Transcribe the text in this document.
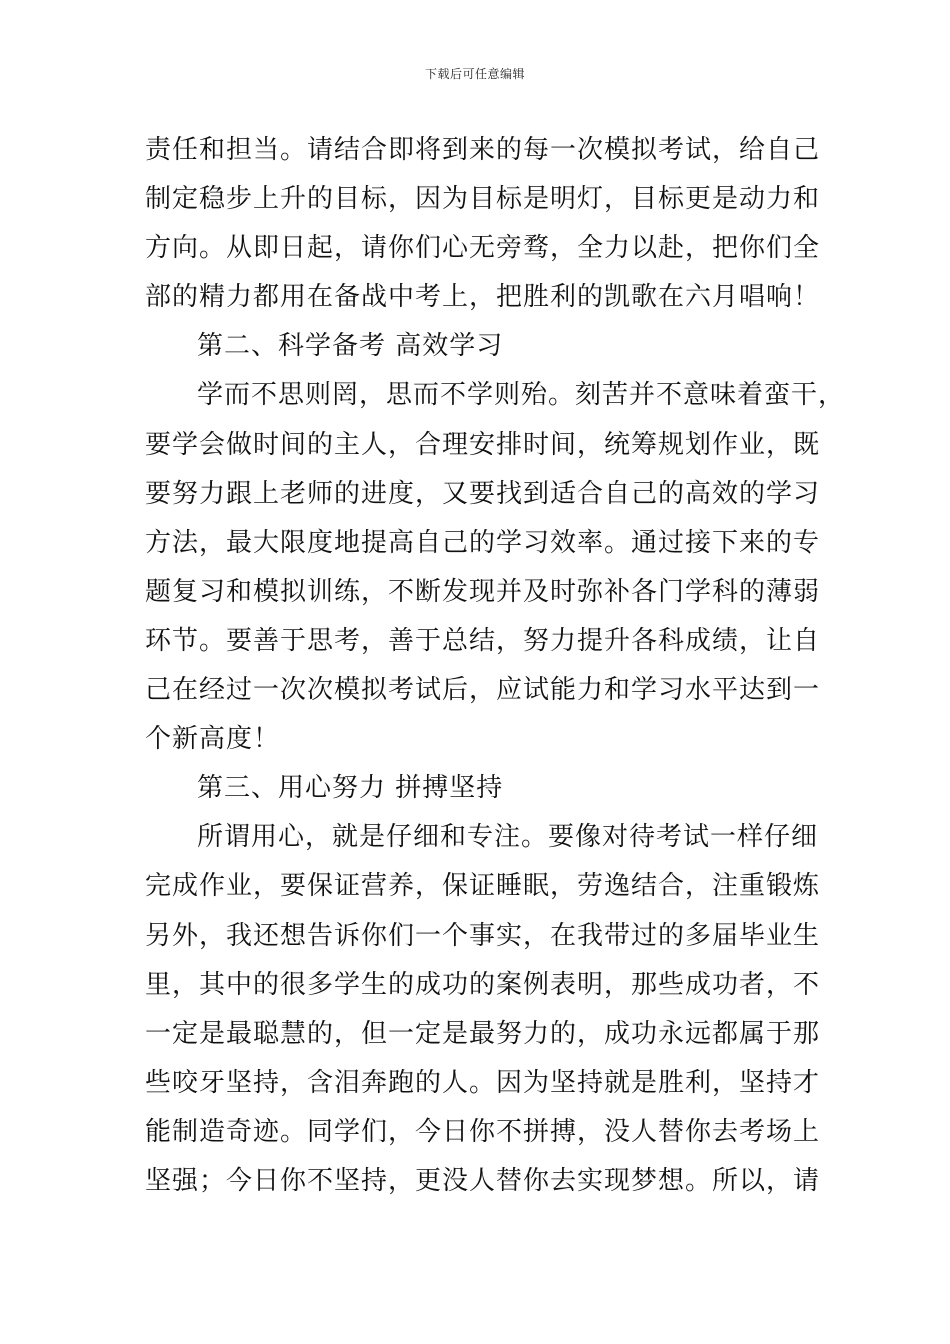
下载后可任意编辑
责任和担当。请结合即将到来的每一次模拟考试，给自己
制定稳步上升的目标，因为目标是明灯，目标更是动力和
方向。从即日起，请你们心无旁骛，全力以赴，把你们全
部的精力都用在备战中考上，把胜利的凯歌在六月唱响！
第二、科学备考 高效学习
学而不思则罔，思而不学则殆。刻苦并不意味着蛮干，
要学会做时间的主人，合理安排时间，统筹规划作业，既
要努力跟上老师的进度，又要找到适合自己的高效的学习
方法，最大限度地提高自己的学习效率。通过接下来的专
题复习和模拟训练，不断发现并及时弥补各门学科的薄弱
环节。要善于思考，善于总结，努力提升各科成绩，让自
己在经过一次次模拟考试后，应试能力和学习水平达到一
个新高度！
第三、用心努力 拼搏坚持
所谓用心，就是仔细和专注。要像对待考试一样仔细
完成作业，要保证营养，保证睡眠，劳逸结合，注重锻炼
另外，我还想告诉你们一个事实，在我带过的多届毕业生
里，其中的很多学生的成功的案例表明，那些成功者，不
一定是最聪慧的，但一定是最努力的，成功永远都属于那
些咬牙坚持，含泪奔跑的人。因为坚持就是胜利，坚持才
能制造奇迹。同学们，今日你不拼搏，没人替你去考场上
坚强；今日你不坚持，更没人替你去实现梦想。所以，请
